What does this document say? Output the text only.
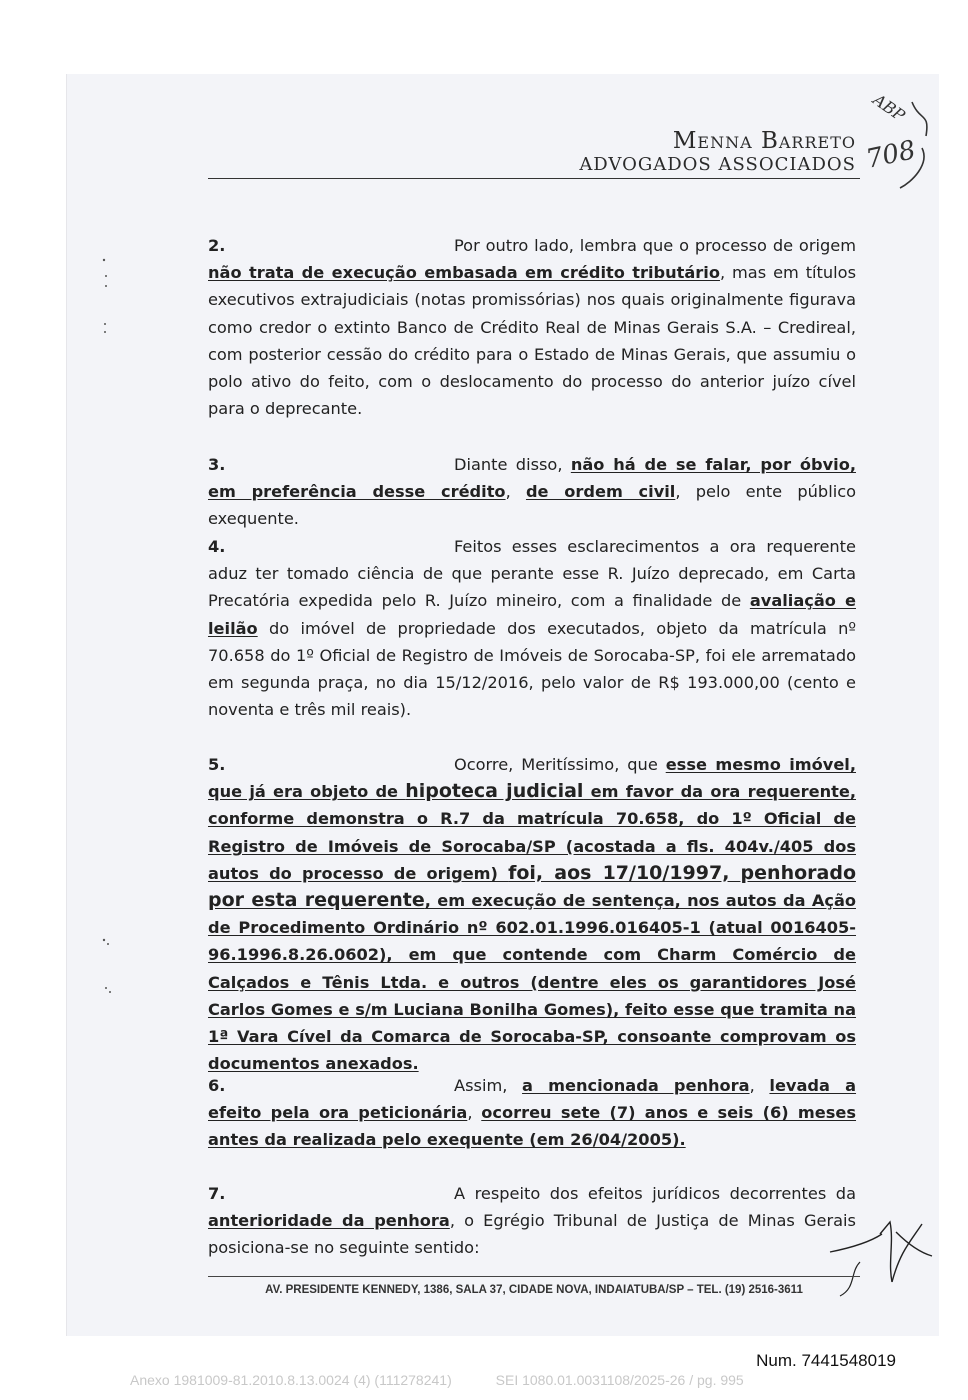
Menna Barreto
ADVOGADOS ASSOCIADOS
ABP
708
2.	Por outro lado, lembra que o processo de origem não trata de execução embasada em crédito tributário, mas em títulos executivos extrajudiciais (notas promissórias) nos quais originalmente figurava como credor o extinto Banco de Crédito Real de Minas Gerais S.A. – Credireal, com posterior cessão do crédito para o Estado de Minas Gerais, que assumiu o polo ativo do feito, com o deslocamento do processo do anterior juízo cível para o deprecante.
3.	Diante disso, não há de se falar, por óbvio, em preferência desse crédito, de ordem civil, pelo ente público exequente.
4.	Feitos esses esclarecimentos a ora requerente aduz ter tomado ciência de que perante esse R. Juízo deprecado, em Carta Precatória expedida pelo R. Juízo mineiro, com a finalidade de avaliação e leilão do imóvel de propriedade dos executados, objeto da matrícula nº 70.658 do 1º Oficial de Registro de Imóveis de Sorocaba-SP, foi ele arrematado em segunda praça, no dia 15/12/2016, pelo valor de R$ 193.000,00 (cento e noventa e três mil reais).
5.	Ocorre, Meritíssimo, que esse mesmo imóvel, que já era objeto de hipoteca judicial em favor da ora requerente, conforme demonstra o R.7 da matrícula 70.658, do 1º Oficial de Registro de Imóveis de Sorocaba/SP (acostada a fls. 404v./405 dos autos do processo de origem) foi, aos 17/10/1997, penhorado por esta requerente, em execução de sentença, nos autos da Ação de Procedimento Ordinário nº 602.01.1996.016405-1 (atual 0016405-96.1996.8.26.0602), em que contende com Charm Comércio de Calçados e Tênis Ltda. e outros (dentre eles os garantidores José Carlos Gomes e s/m Luciana Bonilha Gomes), feito esse que tramita na 1ª Vara Cível da Comarca de Sorocaba-SP, consoante comprovam os documentos anexados.
6.	Assim, a mencionada penhora, levada a efeito pela ora peticionária, ocorreu sete (7) anos e seis (6) meses antes da realizada pelo exequente (em 26/04/2005).
7.	A respeito dos efeitos jurídicos decorrentes da anterioridade da penhora, o Egrégio Tribunal de Justiça de Minas Gerais posiciona-se no seguinte sentido:
AV. PRESIDENTE KENNEDY, 1386, SALA 37, CIDADE NOVA, INDAIATUBA/SP – TEL. (19) 2516-3611
Num. 7441548019
Anexo 1981009-81.2010.8.13.0024 (4) (111278241)	SEI 1080.01.0031108/2025-26 / pg. 995
